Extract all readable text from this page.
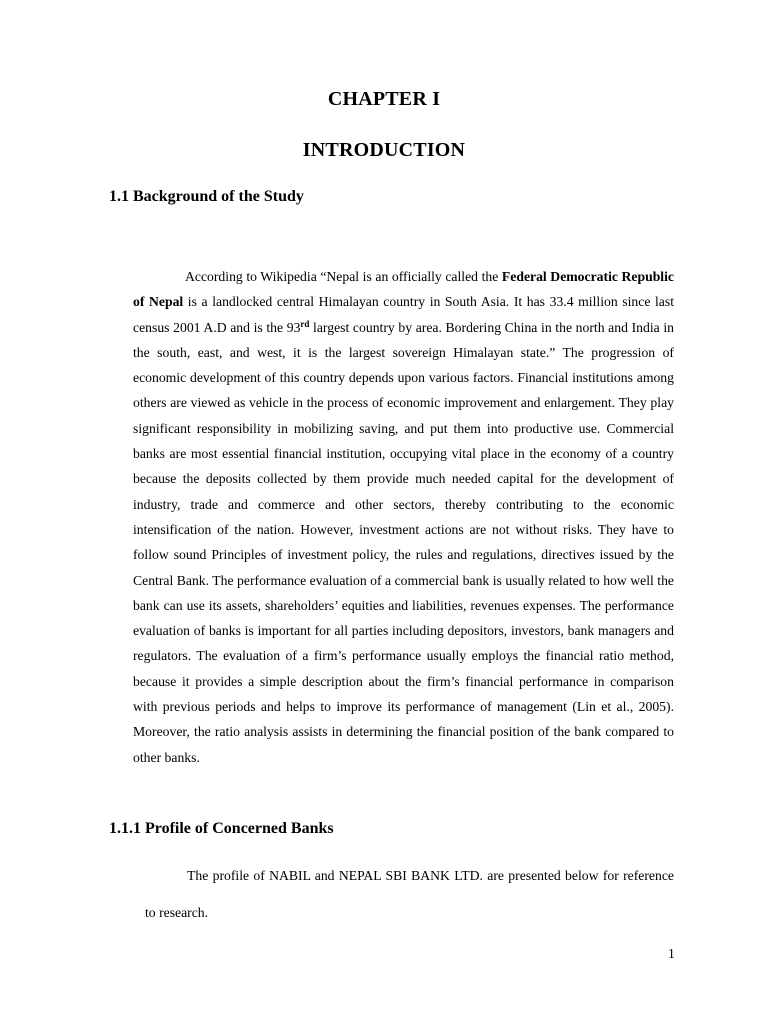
CHAPTER I
INTRODUCTION
1.1 Background of the Study

According to Wikipedia “Nepal is an officially called the Federal Democratic Republic of Nepal is a landlocked central Himalayan country in South Asia. It has 33.4 million since last census 2001 A.D and is the 93rd largest country by area. Bordering China in the north and India in the south, east, and west, it is the largest sovereign Himalayan state.” The progression of economic development of this country depends upon various factors. Financial institutions among others are viewed as vehicle in the process of economic improvement and enlargement. They play significant responsibility in mobilizing saving, and put them into productive use. Commercial banks are most essential financial institution, occupying vital place in the economy of a country because the deposits collected by them provide much needed capital for the development of industry, trade and commerce and other sectors, thereby contributing to the economic intensification of the nation. However, investment actions are not without risks. They have to follow sound Principles of investment policy, the rules and regulations, directives issued by the Central Bank. The performance evaluation of a commercial bank is usually related to how well the bank can use its assets, shareholders’ equities and liabilities, revenues expenses. The performance evaluation of banks is important for all parties including depositors, investors, bank managers and regulators. The evaluation of a firm’s performance usually employs the financial ratio method, because it provides a simple description about the firm’s financial performance in comparison with previous periods and helps to improve its performance of management (Lin et al., 2005). Moreover, the ratio analysis assists in determining the financial position of the bank compared to other banks.

1.1.1 Profile of Concerned Banks

The profile of NABIL and NEPAL SBI BANK LTD. are presented below for reference to research.

1
